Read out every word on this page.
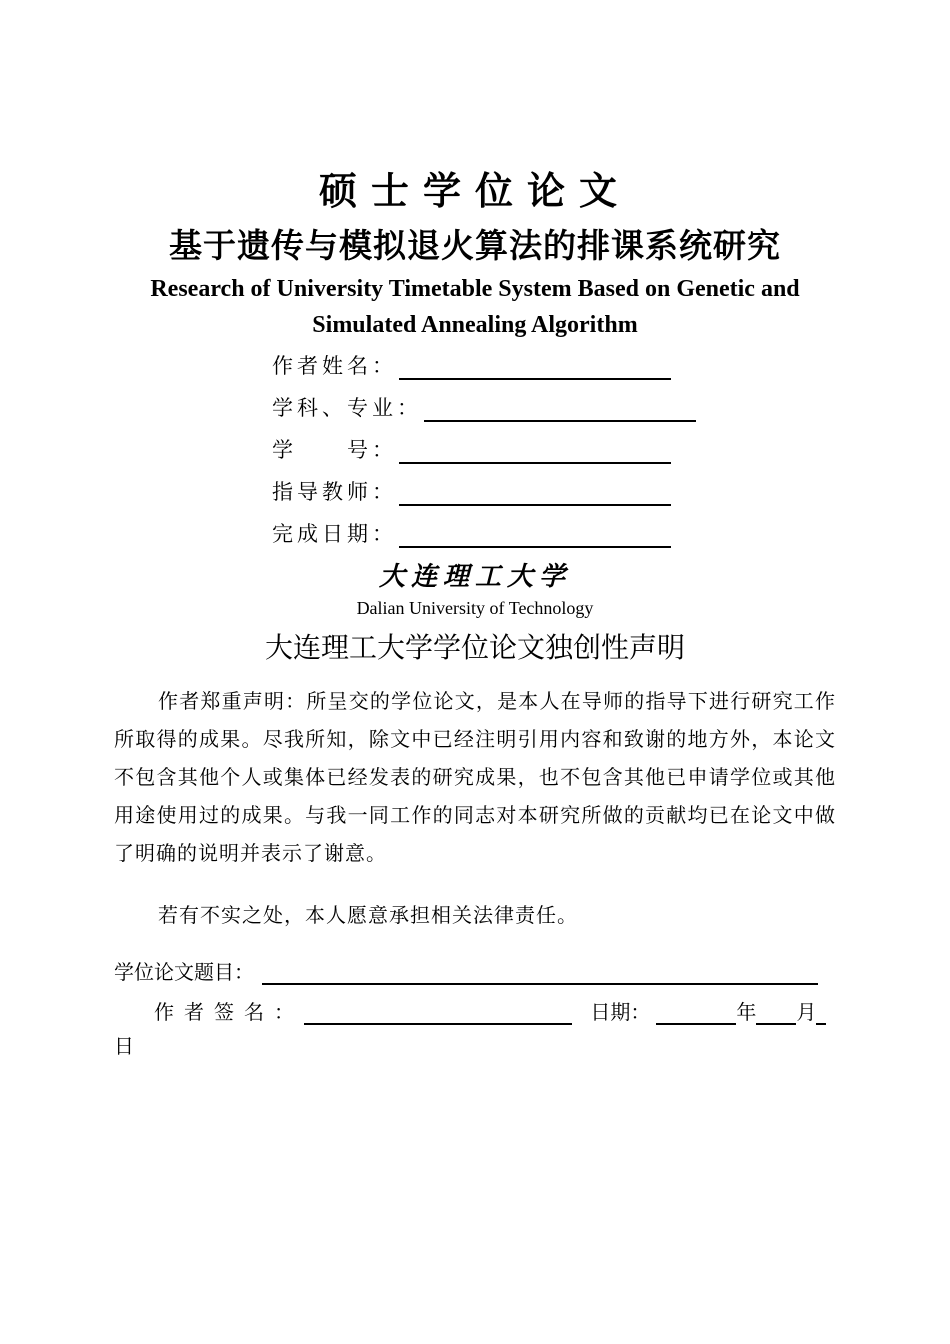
硕士学位论文
基于遗传与模拟退火算法的排课系统研究
Research of University Timetable System Based on Genetic and
Simulated Annealing Algorithm
作者姓名：
学科、专业：
学　　号：
指导教师：
完成日期：
大连理工大学
Dalian University of Technology
大连理工大学学位论文独创性声明
作者郑重声明：所呈交的学位论文，是本人在导师的指导下进行研究工作所取得的成果。尽我所知，除文中已经注明引用内容和致谢的地方外，本论文不包含其他个人或集体已经发表的研究成果，也不包含其他已申请学位或其他用途使用过的成果。与我一同工作的同志对本研究所做的贡献均已在论文中做了明确的说明并表示了谢意。
若有不实之处，本人愿意承担相关法律责任。
学位论文题目：
作者签名：	日期：	年 月
日
